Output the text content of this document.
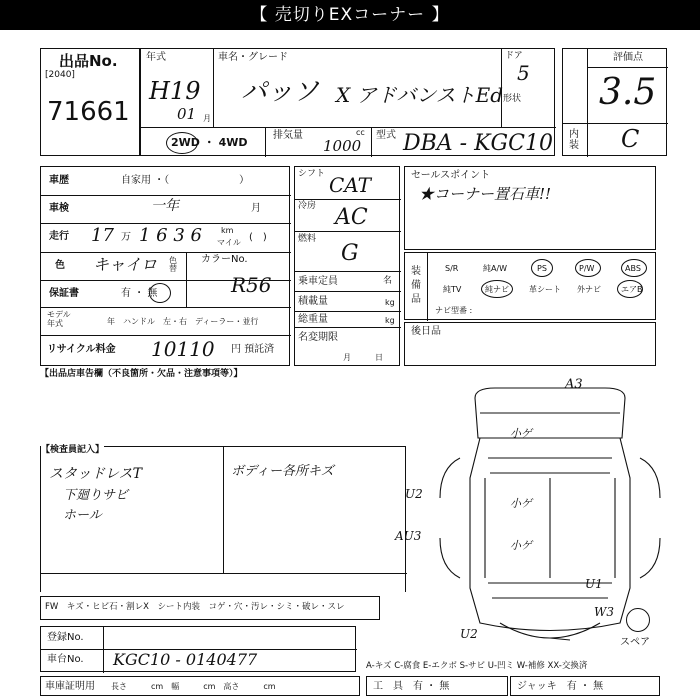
【 売切りEXコーナー 】
出品No.
[2040]
71661
年式
H19
01 月
車名・グレード
パッソ X アドバンストEd
ドア
5
形状
2WD ・ 4WD
排気量	cc
1000
型式 DBA - KGC10
評価点
3.5
内装 C
車歴	自家用 ・（　　　　　　　）
車検	一年	月
走行 17 万 1 6 3 6 km
マイル (　)
色 キャイロ 色替
カラーNo.
R56
保証書	有 ・ 無
モデル年式	年　ハンドル　左・右　ディーラー・並行
リサイクル料金 10110 円 預託済
シフト CAT
冷房 AC
燃料
G
乗車定員	名
積載量	kg
総重量	kg
名変期限
月　　　日
セールスポイント
★コーナー置石車!!
装備品
S/R	純A/W	PS	P/W	ABS
純TV	純ナビ	革シート 外ナビ	エアB
ナビ型番 :
後日品
【出品店車告欄（不良箇所・欠品・注意事項等）】
【検査員記入】
スタッドレスT
下廻りサビ
ホール
ボディー各所キズ
A3
U2
AU3
U1
W3
U2
小ゲ
小ゲ
小ゲ
スペア
FW　キズ・ヒビ石・割レX　シート内装　コゲ・穴・汚レ・シミ・破レ・スレ
登録No.
車台No. KGC10 - 0140477
車庫証明用 長さ　　　cm　幅　　　cm　高さ　　　cm
A-キズ C-腐食 E-エクボ S-サビ U-凹ミ W-補修 XX-交換済
工　具　有 ・ 無	ジャッキ　有 ・ 無
